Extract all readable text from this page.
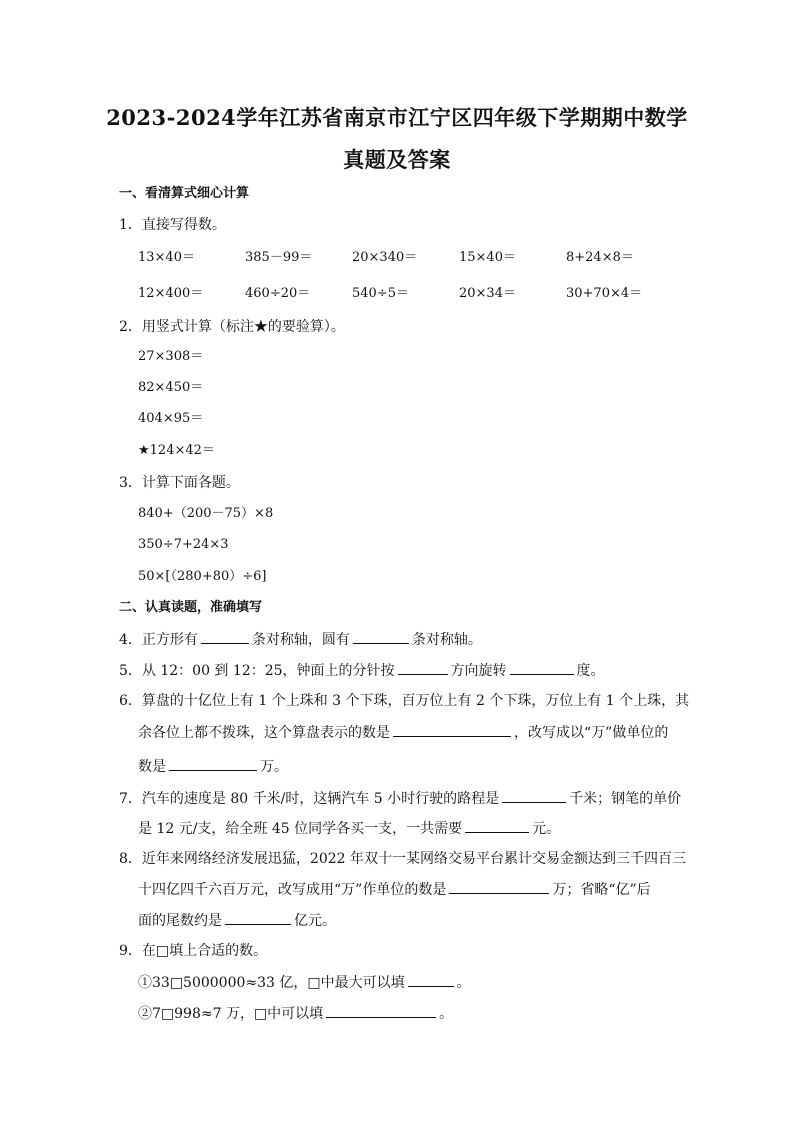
2023-2024学年江苏省南京市江宁区四年级下学期期中数学
真题及答案
一、看清算式细心计算
1．直接写得数。
13×40＝	385－99＝	20×340＝	15×40＝	8+24×8＝
12×400＝	460÷20＝	540÷5＝	20×34＝	30+70×4＝
2．用竖式计算（标注★的要验算）。
27×308＝
82×450＝
404×95＝
★124×42＝
3．计算下面各题。
840+（200－75）×8
350÷7+24×3
50×[（280+80）÷6]
二、认真读题，准确填写
4．正方形有	条对称轴，圆有	条对称轴。
5．从 12：00 到 12：25，钟面上的分针按	方向旋转	度。
6．算盘的十亿位上有 1 个上珠和 3 个下珠，百万位上有 2 个下珠，万位上有 1 个上珠，其
余各位上都不拨珠，这个算盘表示的数是	，改写成以“万”做单位的
数是	万。
7．汽车的速度是 80 千米/时，这辆汽车 5 小时行驶的路程是	千米；钢笔的单价
是 12 元/支，给全班 45 位同学各买一支，一共需要	元。
8．近年来网络经济发展迅猛，2022 年双十一某网络交易平台累计交易金额达到三千四百三
十四亿四千六百万元，改写成用“万”作单位的数是	万；省略“亿”后
面的尾数约是	亿元。
9．在□填上合适的数。
①33□5000000≈33 亿，□中最大可以填	。
②7□998≈7 万，□中可以填	。
